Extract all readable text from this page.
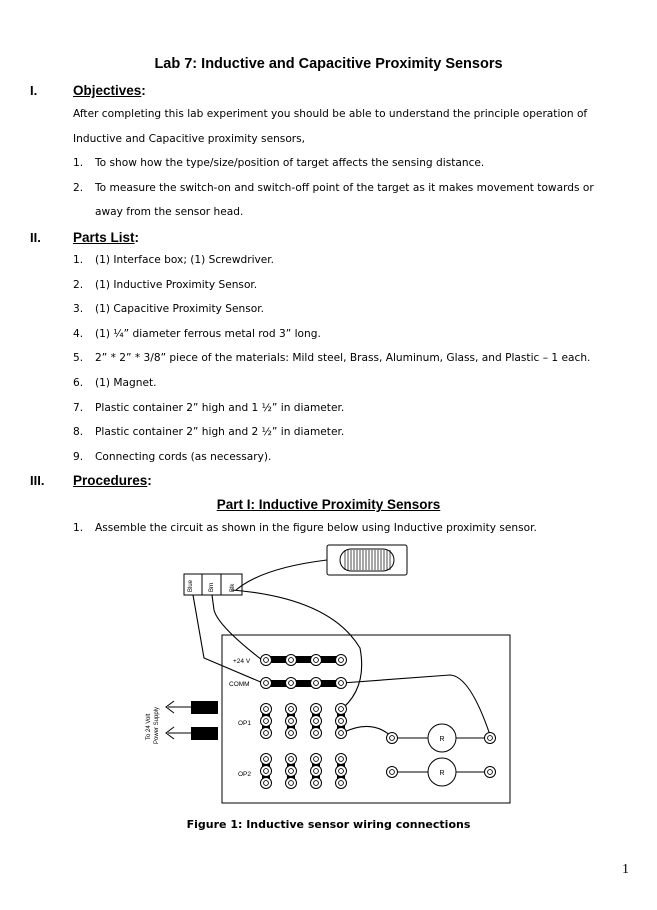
Lab 7: Inductive and Capacitive Proximity Sensors
I.	Objectives:
After completing this lab experiment you should be able to understand the principle operation of
Inductive and Capacitive proximity sensors,
1. To show how the type/size/position of target affects the sensing distance.
2. To measure the switch-on and switch-off point of the target as it makes movement towards or
away from the sensor head.
II. Parts List:
1. (1) Interface box; (1) Screwdriver.
2. (1) Inductive Proximity Sensor.
3. (1) Capacitive Proximity Sensor.
4. (1) ¼” diameter ferrous metal rod 3” long.
5. 2” * 2” * 3/8” piece of the materials: Mild steel, Brass, Aluminum, Glass, and Plastic – 1 each.
6. (1) Magnet.
7. Plastic container 2” high and 1 ½” in diameter.
8. Plastic container 2” high and 2 ½” in diameter.
9. Connecting cords (as necessary).
III. Procedures:
Part I: Inductive Proximity Sensors
1. Assemble the circuit as shown in the figure below using Inductive proximity sensor.
Blue	Brn	Blk
+24 V
COMM
OP1
OP2
R
R
To 24 Volt Power Supply
Figure 1: Inductive sensor wiring connections
1
